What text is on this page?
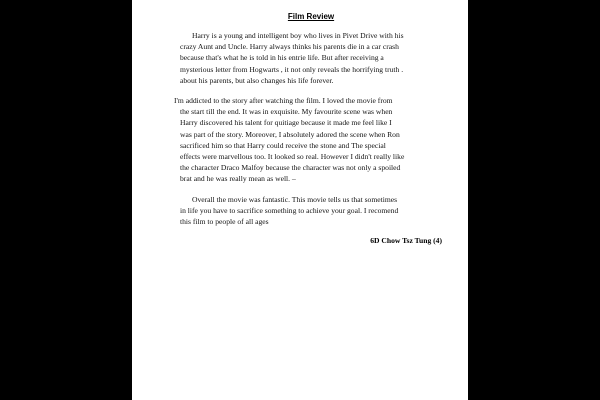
Film Review
Harry is a young and intelligent boy who lives in Pivet Drive with his
crazy Aunt and Uncle. Harry always thinks his parents die in a car crash
because that's what he is told in his entrie life. But after receiving a
mysterious letter from Hogwarts , it not only reveals the horrifying truth .
about his parents, but also changes his life forever.
I'm addicted to the story after watching the film. I loved the movie from
the start till the end. It was in exquisite. My favourite scene was when
Harry discovered his talent for quitiage because it made me feel like I
was part of the story. Moreover, I absolutely adored the scene when Ron
sacrificed him so that Harry could receive the stone and The special
effects were marvellous too. It looked so real. However I didn't really like
the character Draco Malfoy because the character was not only a spoiled
brat and he was really mean as well. –
Overall the movie was fantastic. This movie tells us that sometimes
in life you have to sacrifice something to achieve your goal. I recomend
this film to people of all ages
6D Chow Tsz Tung (4)
